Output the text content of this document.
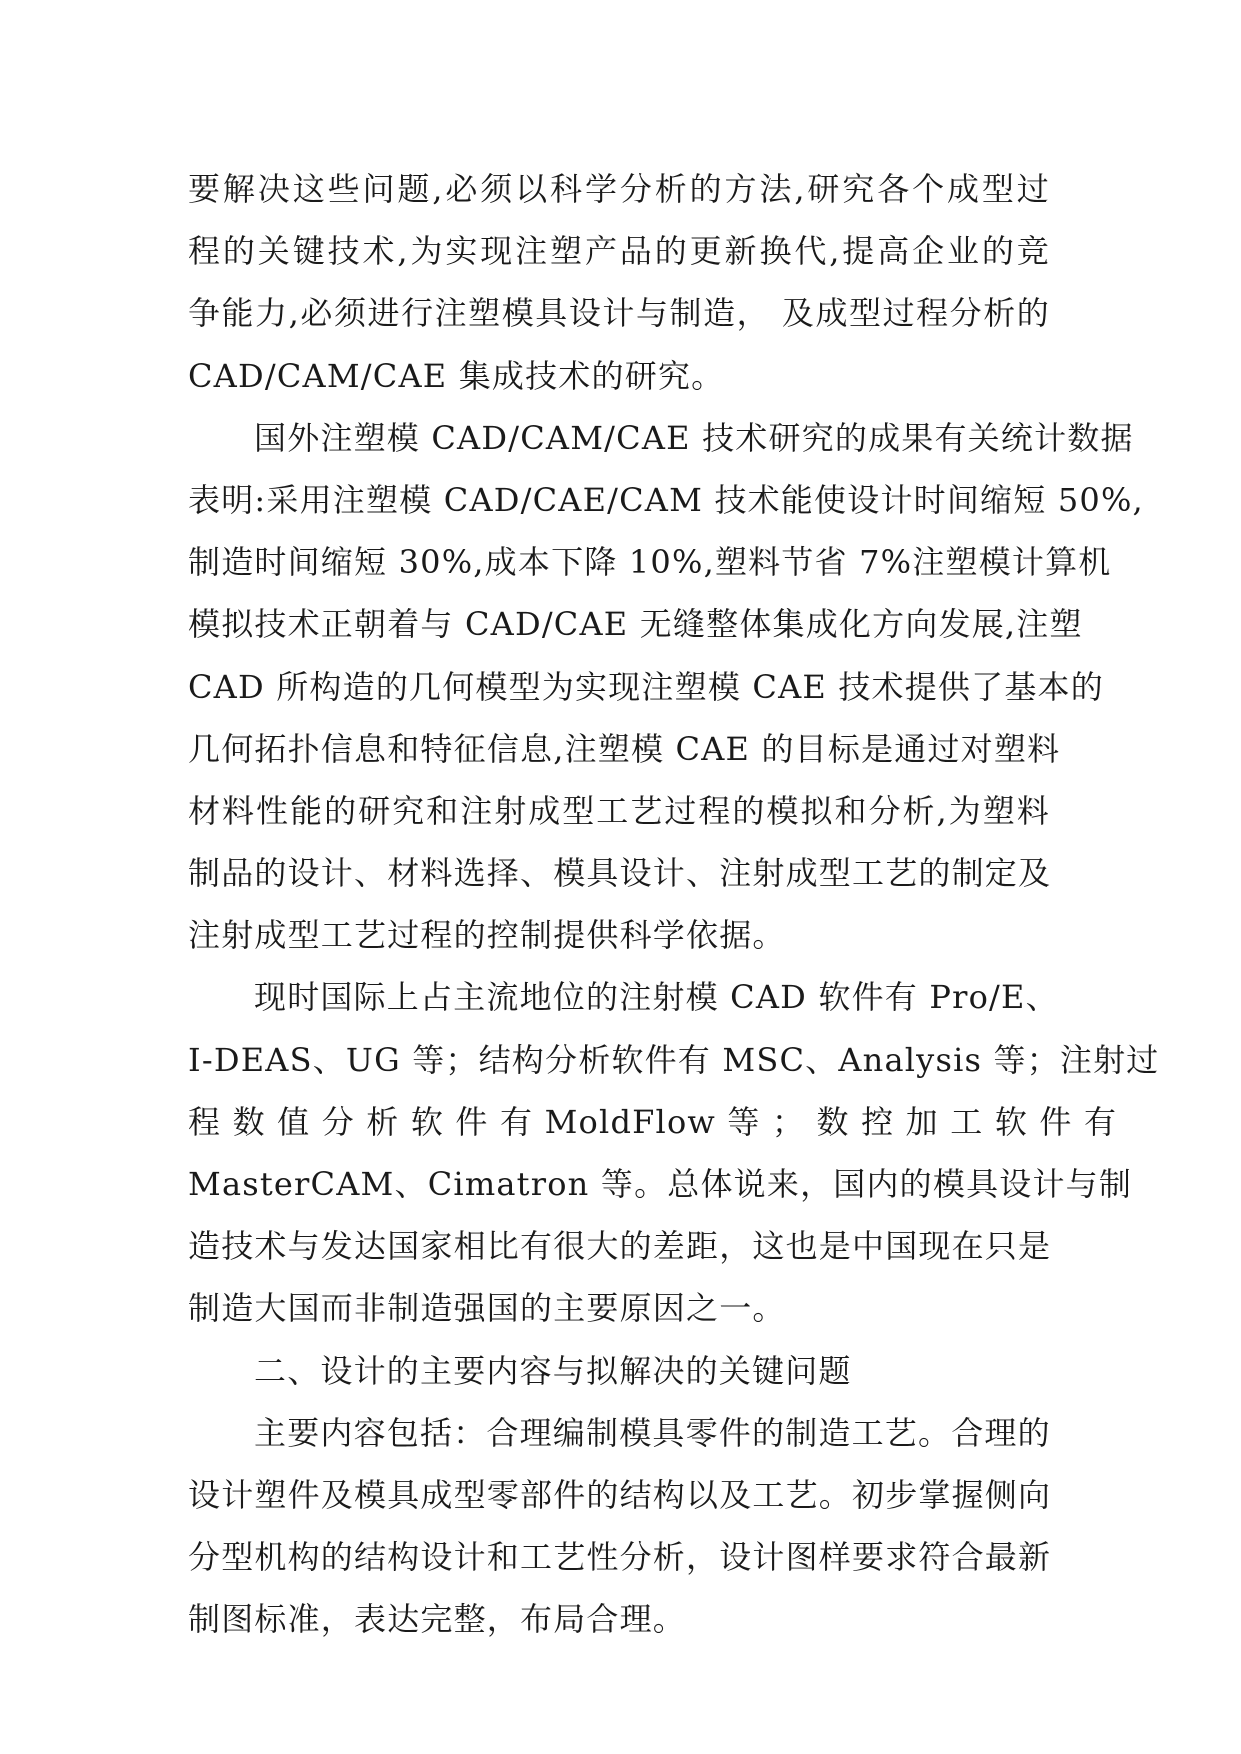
要解决这些问题,必须以科学分析的方法,研究各个成型过
程的关键技术,为实现注塑产品的更新换代,提高企业的竞
争能力,必须进行注塑模具设计与制造， 及成型过程分析的
CAD/CAM/CAE 集成技术的研究。
国外注塑模 CAD/CAM/CAE 技术研究的成果有关统计数据
表明:采用注塑模 CAD/CAE/CAM 技术能使设计时间缩短 50%,
制造时间缩短 30%,成本下降 10%,塑料节省 7%注塑模计算机
模拟技术正朝着与 CAD/CAE 无缝整体集成化方向发展,注塑
CAD 所构造的几何模型为实现注塑模 CAE 技术提供了基本的
几何拓扑信息和特征信息,注塑模 CAE 的目标是通过对塑料
材料性能的研究和注射成型工艺过程的模拟和分析,为塑料
制品的设计、材料选择、模具设计、注射成型工艺的制定及
注射成型工艺过程的控制提供科学依据。
现时国际上占主流地位的注射模 CAD 软件有 Pro/E、
I-DEAS、UG 等；结构分析软件有 MSC、Analysis 等；注射过
程 数 值 分 析 软 件 有 MoldFlow 等 ； 数 控 加 工 软 件 有
MasterCAM、Cimatron 等。总体说来，国内的模具设计与制
造技术与发达国家相比有很大的差距，这也是中国现在只是
制造大国而非制造强国的主要原因之一。
二、设计的主要内容与拟解决的关键问题
主要内容包括：合理编制模具零件的制造工艺。合理的
设计塑件及模具成型零部件的结构以及工艺。初步掌握侧向
分型机构的结构设计和工艺性分析，设计图样要求符合最新
制图标准，表达完整，布局合理。
